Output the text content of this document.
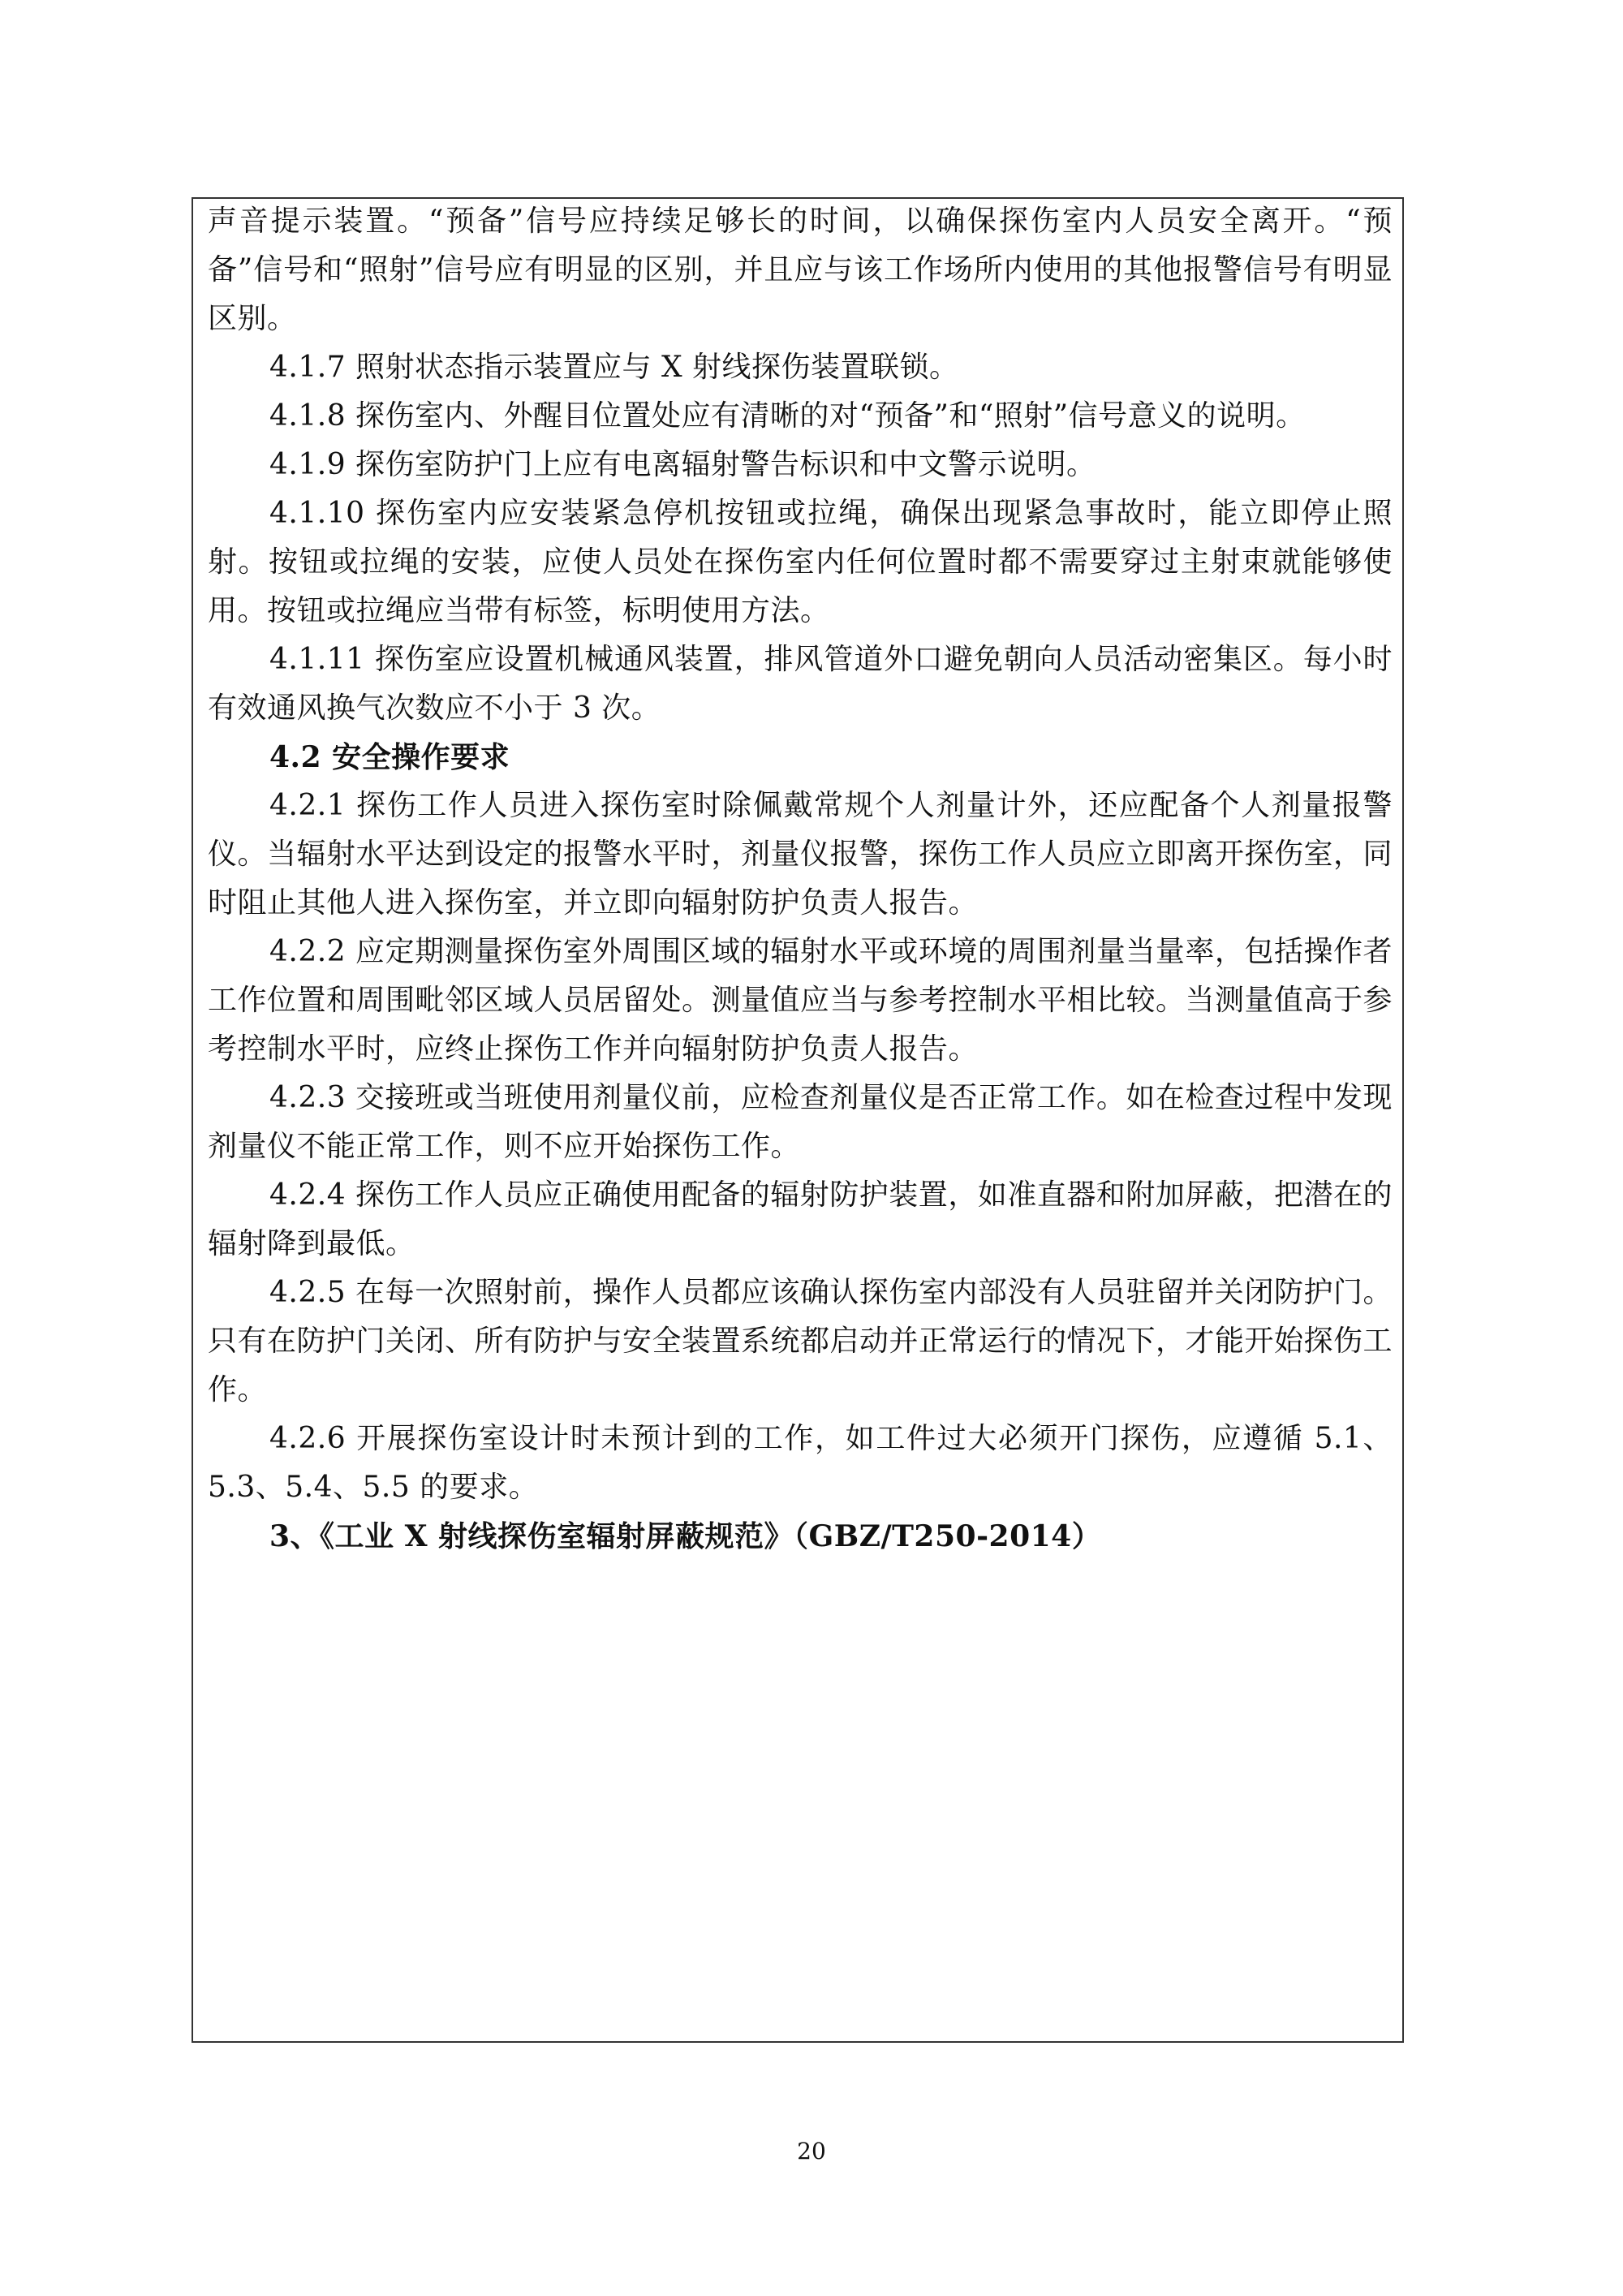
声音提示装置。“预备”信号应持续足够长的时间，以确保探伤室内人员安全离开。“预备”信号和“照射”信号应有明显的区别，并且应与该工作场所内使用的其他报警信号有明显区别。

4.1.7 照射状态指示装置应与 X 射线探伤装置联锁。

4.1.8 探伤室内、外醒目位置处应有清晰的对“预备”和“照射”信号意义的说明。

4.1.9 探伤室防护门上应有电离辐射警告标识和中文警示说明。

4.1.10 探伤室内应安装紧急停机按钮或拉绳，确保出现紧急事故时，能立即停止照射。按钮或拉绳的安装，应使人员处在探伤室内任何位置时都不需要穿过主射束就能够使用。按钮或拉绳应当带有标签，标明使用方法。

4.1.11 探伤室应设置机械通风装置，排风管道外口避免朝向人员活动密集区。每小时有效通风换气次数应不小于 3 次。

4.2 安全操作要求

4.2.1 探伤工作人员进入探伤室时除佩戴常规个人剂量计外，还应配备个人剂量报警仪。当辐射水平达到设定的报警水平时，剂量仪报警，探伤工作人员应立即离开探伤室，同时阻止其他人进入探伤室，并立即向辐射防护负责人报告。

4.2.2 应定期测量探伤室外周围区域的辐射水平或环境的周围剂量当量率，包括操作者工作位置和周围毗邻区域人员居留处。测量值应当与参考控制水平相比较。当测量值高于参考控制水平时，应终止探伤工作并向辐射防护负责人报告。

4.2.3 交接班或当班使用剂量仪前，应检查剂量仪是否正常工作。如在检查过程中发现剂量仪不能正常工作，则不应开始探伤工作。

4.2.4 探伤工作人员应正确使用配备的辐射防护装置，如准直器和附加屏蔽，把潜在的辐射降到最低。

4.2.5 在每一次照射前，操作人员都应该确认探伤室内部没有人员驻留并关闭防护门。只有在防护门关闭、所有防护与安全装置系统都启动并正常运行的情况下，才能开始探伤工作。

4.2.6 开展探伤室设计时未预计到的工作，如工件过大必须开门探伤，应遵循 5.1、5.3、5.4、5.5 的要求。

3、《工业 X 射线探伤室辐射屏蔽规范》（GBZ/T250-2014）

20
